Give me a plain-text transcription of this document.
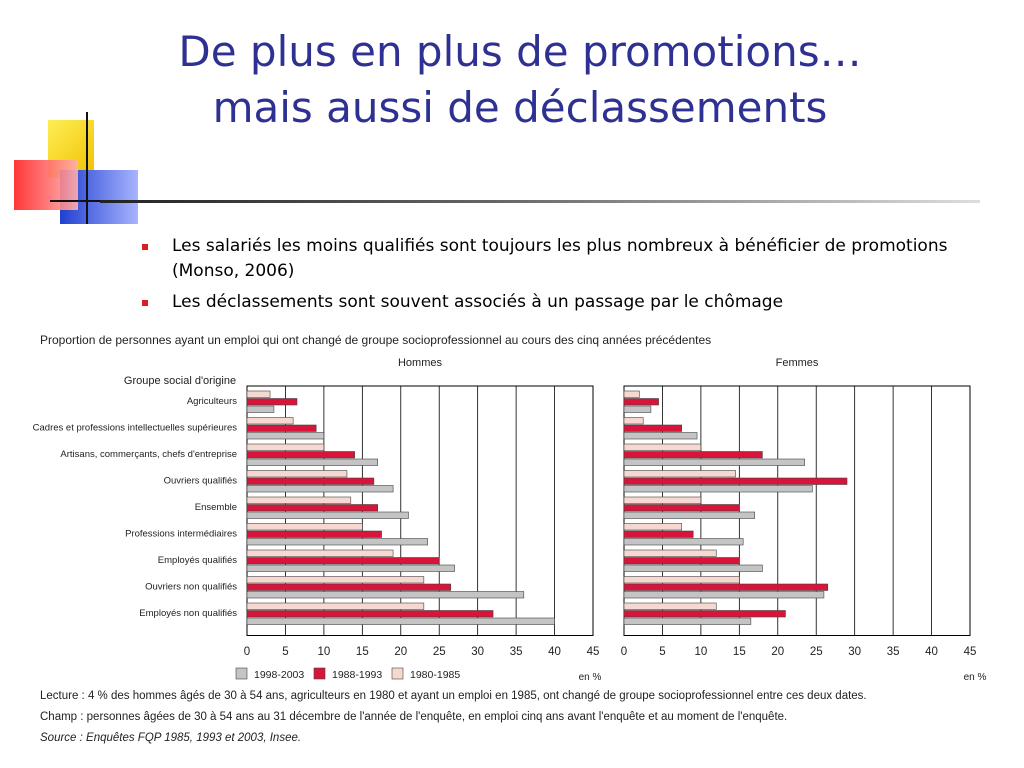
De plus en plus de promotions…
mais aussi de déclassements
Les salariés les moins qualifiés sont toujours les plus nombreux à bénéficier de promotions (Monso, 2006)
Les déclassements sont souvent associés à un passage par le chômage
Proportion de personnes ayant un emploi qui ont changé de groupe socioprofessionnel au cours des cinq années précédentes
Groupe social d'origine
Agriculteurs
Cadres et professions intellectuelles supérieures
Artisans, commerçants, chefs d'entreprise
Ouvriers qualifiés
Ensemble
Professions intermédiaires
Employés qualifiés
Ouvriers non qualifiés
Employés non qualifiés
Hommes
0	5	10 15 20 25 30 35 40 45
en %
Femmes
0	5	10 15 20 25 30 35 40 45
en %
1998-2003	1988-1993	1980-1985
Lecture : 4 % des hommes âgés de 30 à 54 ans, agriculteurs en 1980 et ayant un emploi en 1985, ont changé de groupe socioprofessionnel entre ces deux dates.
Champ : personnes âgées de 30 à 54 ans au 31 décembre de l'année de l'enquête, en emploi cinq ans avant l'enquête et au moment de l'enquête.
Source : Enquêtes FQP 1985, 1993 et 2003, Insee.
